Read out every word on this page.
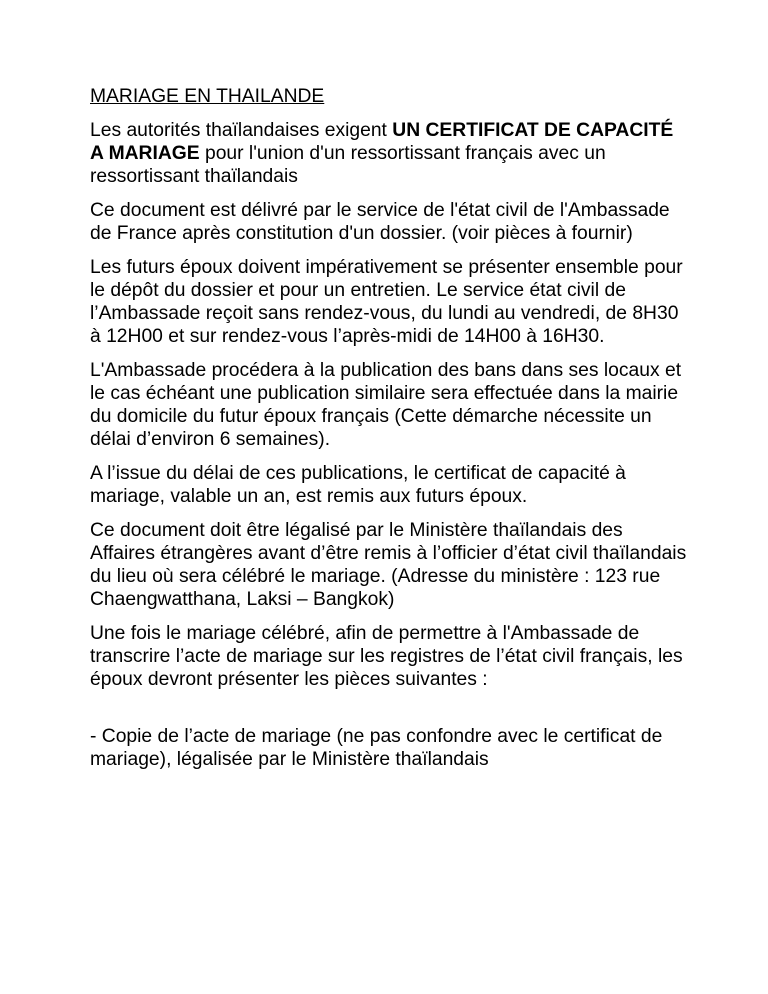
MARIAGE EN THAILANDE
Les autorités thaïlandaises exigent UN CERTIFICAT DE CAPACITÉ A MARIAGE pour l'union d'un ressortissant français avec un ressortissant thaïlandais
Ce document est délivré par le service de l'état civil de l'Ambassade de France après constitution d'un dossier. (voir pièces à fournir)
Les futurs époux doivent impérativement se présenter ensemble pour le dépôt du dossier et pour un entretien. Le service état civil de l’Ambassade reçoit sans rendez-vous, du lundi au vendredi, de 8H30 à 12H00 et sur rendez-vous l’après-midi de 14H00 à 16H30.
L'Ambassade procédera à la publication des bans dans ses locaux et le cas échéant une publication similaire sera effectuée dans la mairie du domicile du futur époux français (Cette démarche nécessite un délai d’environ 6 semaines).
A l’issue du délai de ces publications, le certificat de capacité à mariage, valable un an, est remis aux futurs époux.
Ce document doit être légalisé par le Ministère thaïlandais des Affaires étrangères avant d’être remis à l’officier d’état civil thaïlandais du lieu où sera célébré le mariage. (Adresse du ministère : 123 rue Chaengwatthana, Laksi – Bangkok)
Une fois le mariage célébré, afin de permettre à l'Ambassade de transcrire l’acte de mariage sur les registres de l’état civil français, les époux devront présenter les pièces suivantes :
- Copie de l’acte de mariage (ne pas confondre avec le certificat de mariage), légalisée par le Ministère thaïlandais
